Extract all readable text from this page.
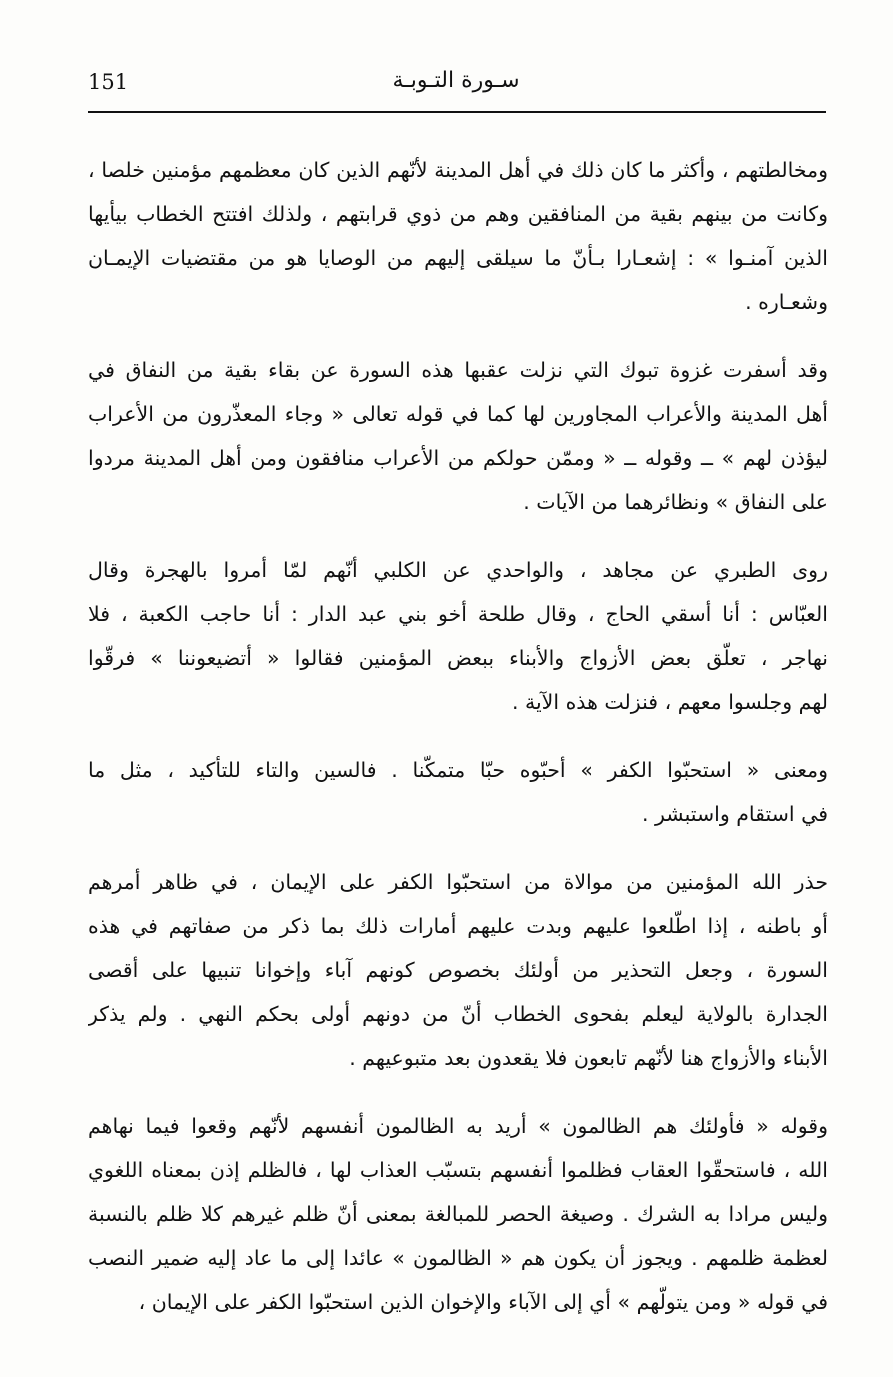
151	سـورة التـوبـة
ومخالطتهم ، وأكثر ما كان ذلك في أهل المدينة لأنّهم الذين كان معظمهم مؤمنين خلصا ،
وكانت من بينهم بقية من المنافقين وهم من ذوي قرابتهم ، ولذلك افتتح الخطاب بيأيها
الذين آمنـوا » : إشعـارا بـأنّ ما سيلقى إليهم من الوصايا هو من مقتضيات الإيمـان
وشعـاره .
وقد أسفرت غزوة تبوك التي نزلت عقبها هذه السورة عن بقاء بقية من النفاق في
أهل المدينة والأعراب المجاورين لها كما في قوله تعالى « وجاء المعذّرون من الأعراب
ليؤذن لهم » ــ وقوله ــ « وممّن حولكم من الأعراب منافقون ومن أهل المدينة مردوا
على النفاق » ونظائرهما من الآيات .
روى الطبري عن مجاهد ، والواحدي عن الكلبي أنّهم لمّا أمروا بالهجرة وقال
العبّاس : أنا أسقي الحاج ، وقال طلحة أخو بني عبد الدار : أنا حاجب الكعبة ، فلا
نهاجر ، تعلّق بعض الأزواج والأبناء ببعض المؤمنين فقالوا « أتضيعوننا » فرقّوا
لهم وجلسوا معهم ، فنزلت هذه الآية .
ومعنى « استحبّوا الكفر » أحبّوه حبّا متمكّنا . فالسين والتاء للتأكيد ، مثل ما
في استقام واستبشر .
حذر الله المؤمنين من موالاة من استحبّوا الكفر على الإيمان ، في ظاهر أمرهم
أو باطنه ، إذا اطّلعوا عليهم وبدت عليهم أمارات ذلك بما ذكر من صفاتهم في هذه
السورة ، وجعل التحذير من أولئك بخصوص كونهم آباء وإخوانا تنبيها على أقصى
الجدارة بالولاية ليعلم بفحوى الخطاب أنّ من دونهم أولى بحكم النهي . ولم يذكر
الأبناء والأزواج هنا لأنّهم تابعون فلا يقعدون بعد متبوعيهم .
وقوله « فأولئك هم الظالمون » أريد به الظالمون أنفسهم لأنّهم وقعوا فيما نهاهم
الله ، فاستحقّوا العقاب فظلموا أنفسهم بتسبّب العذاب لها ، فالظلم إذن بمعناه اللغوي
وليس مرادا به الشرك . وصيغة الحصر للمبالغة بمعنى أنّ ظلم غيرهم كلا ظلم بالنسبة
لعظمة ظلمهم . ويجوز أن يكون هم « الظالمون » عائدا إلى ما عاد إليه ضمير النصب
في قوله « ومن يتولّهم » أي إلى الآباء والإخوان الذين استحبّوا الكفر على الإيمان ،
